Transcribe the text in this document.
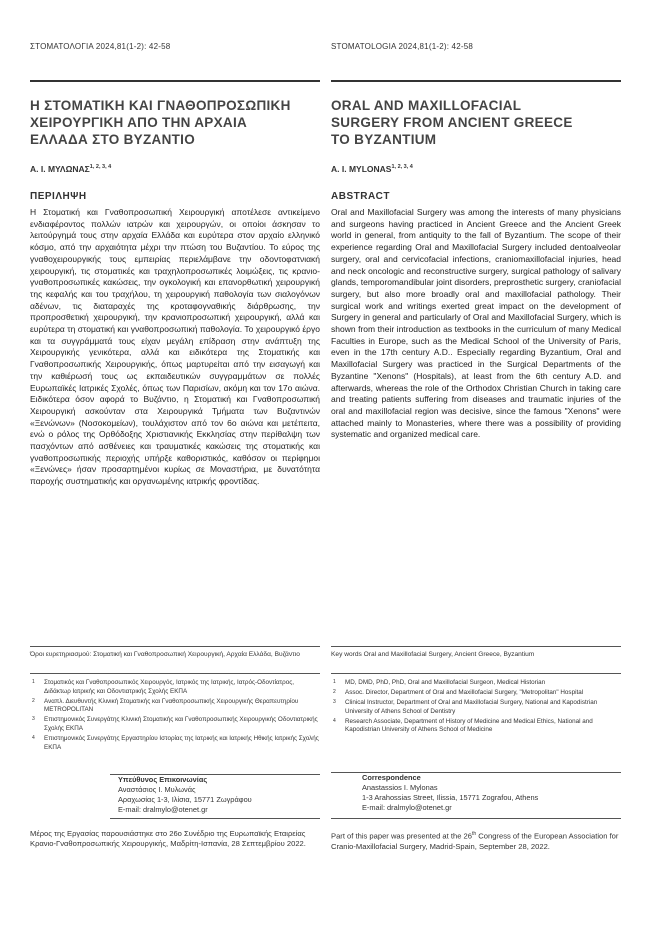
ΣΤΟΜΑΤΟΛΟΓΙΑ 2024,81(1-2): 42-58
Η ΣΤΟΜΑΤΙΚΗ ΚΑΙ ΓΝΑΘΟΠΡΟΣΩΠΙΚΗ
ΧΕΙΡΟΥΡΓΙΚΗ ΑΠΟ ΤΗΝ ΑΡΧΑΙΑ
ΕΛΛΑΔΑ ΣΤΟ ΒΥΖΑΝΤΙΟ
Α. Ι. ΜΥΛΩΝΑΣ$^{1, 2, 3, 4}$
ΠΕΡΙΛΗΨΗ
Η Στοματική και Γναθοπροσωπική Χειρουργική αποτέλεσε αντικείμενο ενδιαφέροντος πολλών ιατρών και χειρουργών, οι οποίοι άσκησαν το λειτούργημά τους στην αρχαία Ελλάδα και ευρύτερα στον αρχαίο ελληνικό κόσμο, από την αρχαιότητα μέχρι την πτώση του Βυζαντίου. Το εύρος της γναθοχειρουργικής τους εμπειρίας περιελάμβανε την οδοντοφατνιακή χειρουργική, τις στοματικές και τραχηλοπροσωπικές λοιμώξεις, τις κρανιο-γναθοπροσωπικές κακώσεις, την ογκολογική και επανορθωτική χειρουργική της κεφαλής και του τραχήλου, τη χειρουργική παθολογία των σιαλογόνων αδένων, τις διαταραχές της κροταφογναθικής διάρθρωσης, την προπροσθετική χειρουργική, την κρανιοπροσωπική χειρουργική, αλλά και ευρύτερα τη στοματική και γναθοπροσωπική παθολογία. Το χειρουργικό έργο και τα συγγράμματά τους είχαν μεγάλη επίδραση στην ανάπτυξη της Χειρουργικής γενικότερα, αλλά και ειδικότερα της Στοματικής και Γναθοπροσωπικής Χειρουργικής, όπως μαρτυρείται από την εισαγωγή και την καθιέρωσή τους ως εκπαιδευτικών συγγραμμάτων σε πολλές Ευρωπαϊκές Ιατρικές Σχολές, όπως των Παρισίων, ακόμη και τον 17ο αιώνα. Ειδικότερα όσον αφορά το Βυζάντιο, η Στοματική και Γναθοπροσωπική Χειρουργική ασκούνταν στα Χειρουργικά Τμήματα των Βυζαντινών «Ξενώνων» (Νοσοκομείων), τουλάχιστον από τον 6ο αιώνα και μετέπειτα, ενώ ο ρόλος της Ορθόδοξης Χριστιανικής Εκκλησίας στην περίθαλψη των πασχόντων από ασθένειες και τραυματικές κακώσεις της στοματικής και γναθοπροσωπικής περιοχής υπήρξε καθοριστικός, καθόσον οι περίφημοι «Ξενώνες» ήσαν προσαρτημένοι κυρίως σε Μοναστήρια, με δυνατότητα παροχής συστηματικής και οργανωμένης ιατρικής φροντίδας.
Όροι ευρετηριασμού: Στοματική και Γναθοπροσωπική Χειρουργική, Αρχαία Ελλάδα, Βυζάντιο
1 Στοματικός και Γναθοπροσωπικός Χειρουργός, Ιατρικός της Ιατρικής, Ιατρός-Οδοντίατρος, Διδάκτωρ Ιατρικής και Οδοντιατρικής Σχολής ΕΚΠΑ
2 Αναπλ. Διευθυντής Κλινική Στοματικής και Γναθοπροσωπικής Χειρουργικής Θεραπευτηρίου METROPOLITAN
3 Επιστημονικός Συνεργάτης Κλινική Στοματικής και Γναθοπροσωπικής Χειρουργικής Οδοντιατρικής Σχολής ΕΚΠΑ
4 Επιστημονικός Συνεργάτης Εργαστηρίου Ιστορίας της Ιατρικής και Ιατρικής Ηθικής Ιατρικής Σχολής ΕΚΠΑ
Υπεύθυνος Επικοινωνίας
Αναστάσιος Ι. Μυλωνάς
Αραχωσίας 1-3, Ιλίσια, 15771 Ζωγράφου
E-mail: dralmylo@otenet.gr
Μέρος της Εργασίας παρουσιάστηκε στο 26ο Συνέδριο της Ευρωπαϊκής Εταιρείας Κρανιο-Γναθοπροσωπικής Χειρουργικής, Μαδρίτη-Ισπανία, 28 Σεπτεμβρίου 2022.
STOMATOLOGIA 2024,81(1-2): 42-58
ORAL AND MAXILLOFACIAL
SURGERY FROM ANCIENT GREECE
TO BYZANTIUM
A. I. MYLONAS$^{1, 2, 3, 4}$
ABSTRACT
Oral and Maxillofacial Surgery was among the interests of many physicians and surgeons having practiced in Ancient Greece and the Ancient Greek world in general, from antiquity to the fall of Byzantium. The scope of their experience regarding Oral and Maxillofacial Surgery included dentoalveolar surgery, oral and cervicofacial infections, craniomaxillofacial injuries, head and neck oncologic and reconstructive surgery, surgical pathology of salivary glands, temporomandibular joint disorders, preprosthetic surgery, craniofacial surgery, but also more broadly oral and maxillofacial pathology. Their surgical work and writings exerted great impact on the development of Surgery in general and particularly of Oral and Maxillofacial Surgery, which is shown from their introduction as textbooks in the curriculum of many Medical Faculties in Europe, such as the Medical School of the University of Paris, even in the 17th century A.D.. Especially regarding Byzantium, Oral and Maxillofacial Surgery was practiced in the Surgical Departments of the Byzantine "Xenons" (Hospitals), at least from the 6th century A.D. and afterwards, whereas the role of the Orthodox Christian Church in taking care and treating patients suffering from diseases and traumatic injuries of the oral and maxillofacial region was decisive, since the famous "Xenons" were attached mainly to Monasteries, where there was a possibility of providing systematic and organized medical care.
Key words Oral and Maxillofacial Surgery, Ancient Greece, Byzantium
1 MD, DMD, PhD, PhD, Oral and Maxillofacial Surgeon, Medical Historian
2 Assoc. Director, Department of Oral and Maxillofacial Surgery, "Metropolitan" Hospital
3 Clinical Instructor, Department of Oral and Maxillofacial Surgery, National and Kapodistrian University of Athens School of Dentistry
4 Research Associate, Department of History of Medicine and Medical Ethics, National and Kapodistrian University of Athens School of Medicine
Correspondence
Anastassios I. Mylonas
1-3 Arahossias Street, Ilissia, 15771 Zografou, Athens
E-mail: dralmylo@otenet.gr
Part of this paper was presented at the 26th Congress of the European Association for Cranio-Maxillofacial Surgery, Madrid-Spain, September 28, 2022.
